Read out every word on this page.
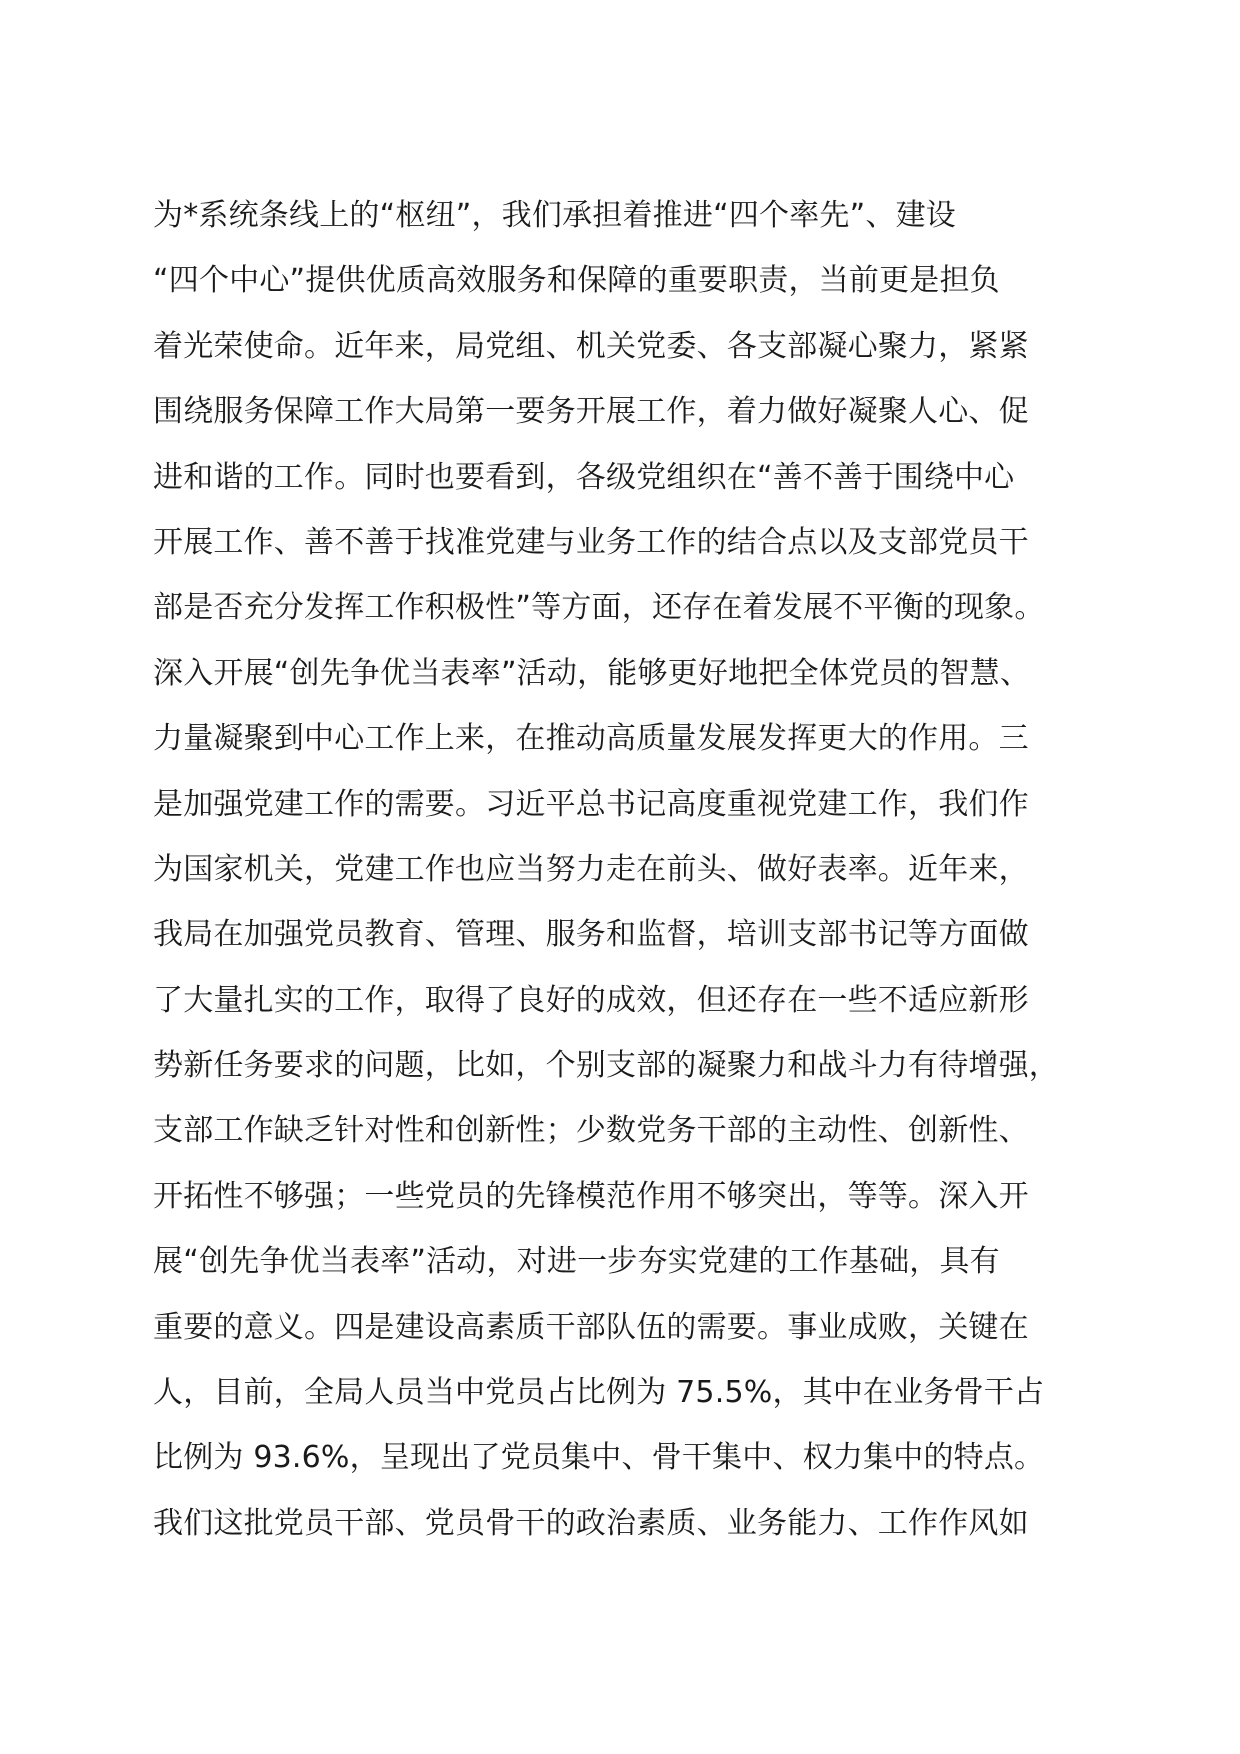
为*系统条线上的“枢纽”，我们承担着推进“四个率先”、建设
“四个中心”提供优质高效服务和保障的重要职责，当前更是担负
着光荣使命。近年来，局党组、机关党委、各支部凝心聚力，紧紧
围绕服务保障工作大局第一要务开展工作，着力做好凝聚人心、促
进和谐的工作。同时也要看到，各级党组织在“善不善于围绕中心
开展工作、善不善于找准党建与业务工作的结合点以及支部党员干
部是否充分发挥工作积极性”等方面，还存在着发展不平衡的现象。
深入开展“创先争优当表率”活动，能够更好地把全体党员的智慧、
力量凝聚到中心工作上来，在推动高质量发展发挥更大的作用。三
是加强党建工作的需要。习近平总书记高度重视党建工作，我们作
为国家机关，党建工作也应当努力走在前头、做好表率。近年来，
我局在加强党员教育、管理、服务和监督，培训支部书记等方面做
了大量扎实的工作，取得了良好的成效，但还存在一些不适应新形
势新任务要求的问题，比如，个别支部的凝聚力和战斗力有待增强，
支部工作缺乏针对性和创新性；少数党务干部的主动性、创新性、
开拓性不够强；一些党员的先锋模范作用不够突出，等等。深入开
展“创先争优当表率”活动，对进一步夯实党建的工作基础，具有
重要的意义。四是建设高素质干部队伍的需要。事业成败，关键在
人，目前，全局人员当中党员占比例为 75.5%，其中在业务骨干占
比例为 93.6%，呈现出了党员集中、骨干集中、权力集中的特点。
我们这批党员干部、党员骨干的政治素质、业务能力、工作作风如
